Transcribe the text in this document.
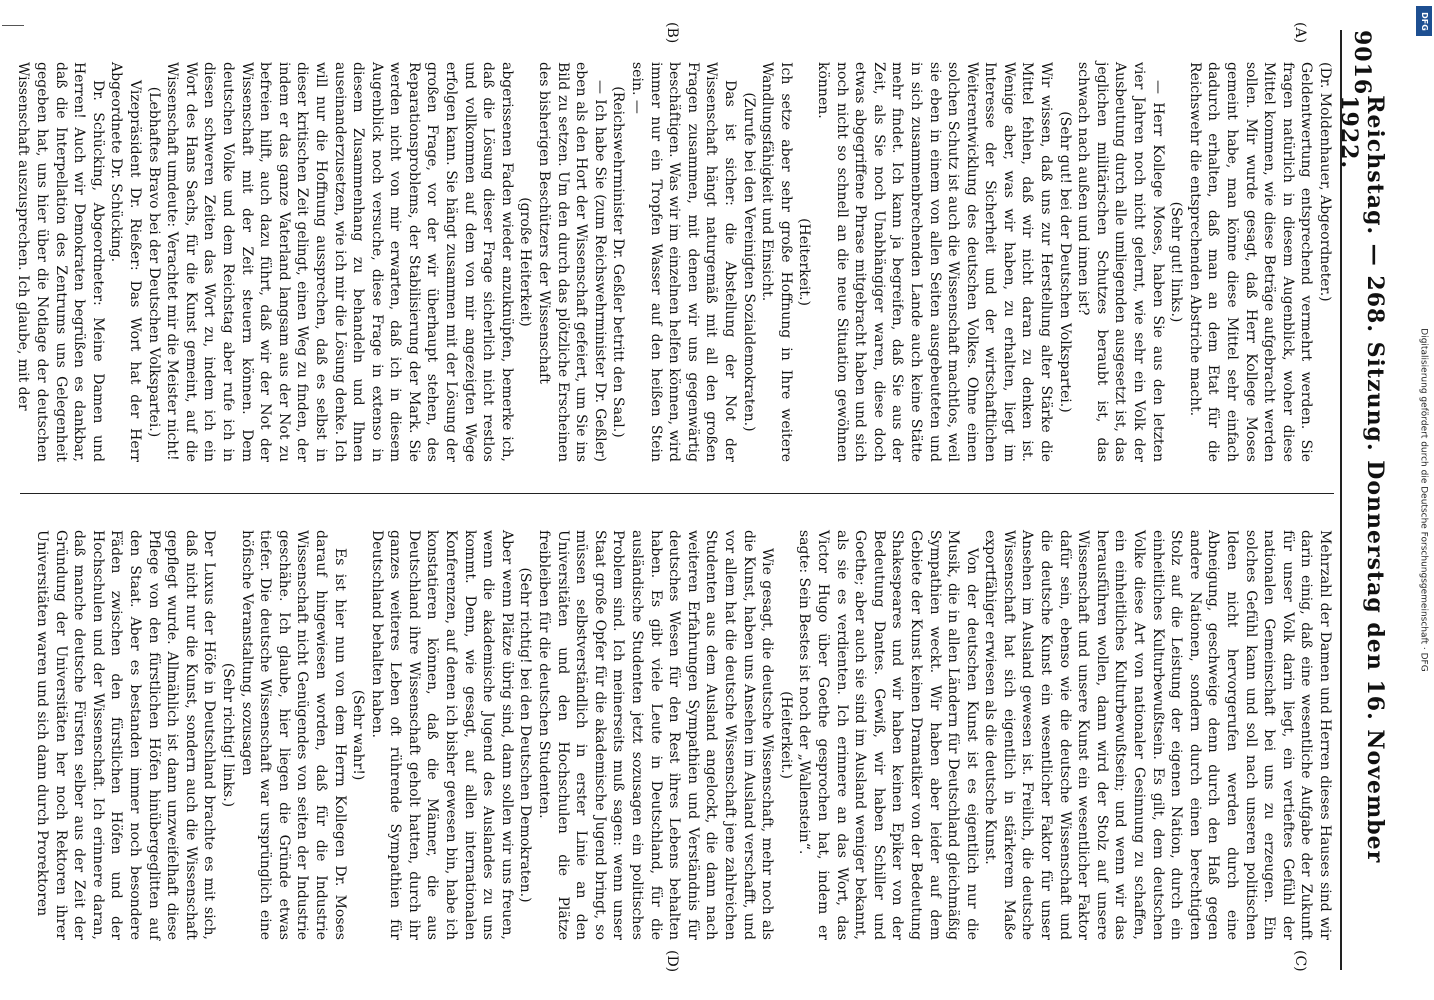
9016
Reichstag. — 268. Sitzung. Donnerstag den 16. November 1922.
(A)
(B)
(C)
(D)

(Dr. Moldenhauer, Abgeordneter.)

Geldentwertung entsprechend vermehrt werden. Sie fragen natürlich in diesem Augenblick, woher diese Mittel kommen, wie diese Beträge aufgebracht werden sollen. Mir wurde gesagt, daß Herr Kollege Moses gemeint habe, man könne diese Mittel sehr einfach dadurch erhalten, daß man an dem Etat für die Reichswehr die entsprechenden Abstriche macht.

(Sehr gut! links.)

— Herr Kollege Moses, haben Sie aus den letzten vier Jahren noch nicht gelernt, wie sehr ein Volk der Ausbeutung durch alle umliegenden ausgesetzt ist, das jeglichen militärischen Schutzes beraubt ist, das schwach nach außen und innen ist?

(Sehr gut! bei der Deutschen Volkspartei.)

Wir wissen, daß uns zur Herstellung alter Stärke die Mittel fehlen, daß wir nicht daran zu denken ist. Wenige aber, was wir haben, zu erhalten, liegt im Interesse der Sicherheit und der wirtschaftlichen Weiterentwicklung des deutschen Volkes. Ohne einen solchen Schutz ist auch die Wissenschaft machtlos, weil sie eben in einem von allen Seiten ausgebeuteten und in sich zusammenbrechenden Lande auch keine Stätte mehr findet. Ich kann ja begreifen, daß Sie aus der Zeit, als Sie noch Unabhängiger waren, diese doch etwas abgegriffene Phrase mitgebracht haben und sich noch nicht so schnell an die neue Situation gewöhnen können.

(Heiterkeit.)

Ich setze aber sehr große Hoffnung in Ihre weitere Wandlungsfähigkeit und Einsicht.

(Zurufe bei den Vereinigten Sozialdemokraten.)

Das ist sicher: die Abstellung der Not der Wissenschaft hängt naturgemäß mit all den großen Fragen zusammen, mit denen wir uns gegenwärtig beschäftigen. Was wir im einzelnen helfen können, wird immer nur ein Tropfen Wasser auf den heißen Stein sein. —

(Reichswehrminister Dr. Geßler betritt den Saal.)

— Ich habe Sie (zum Reichswehrminister Dr. Geßler) eben als den Hort der Wissenschaft gefeiert, um Sie ins Bild zu setzen. Um den durch das plötzliche Erscheinen des bisherigen Beschützers der Wissenschaft

(große Heiterkeit)

abgerissenen Faden wieder anzuknüpfen, bemerke ich, daß die Lösung dieser Frage sicherlich nicht restlos und vollkommen auf dem von mir angezeigten Wege erfolgen kann. Sie hängt zusammen mit der Lösung der großen Frage, vor der wir überhaupt stehen, des Reparationsproblems, der Stabilisierung der Mark. Sie werden nicht von mir erwarten, daß ich in diesem Augenblick noch versuche, diese Frage in extenso in diesem Zusammenhang zu behandeln und Ihnen auseinanderzusetzen, wie ich mir die Lösung denke. Ich will nur die Hoffnung aussprechen, daß es selbst in dieser kritischen Zeit gelingt, einen Weg zu finden, der indem er das ganze Vaterland langsam aus der Not zu befreien hilft, auch dazu führt, daß wir der Not der Wissenschaft mit der Zeit steuern können. Dem deutschen Volke und dem Reichstag aber rufe ich in diesen schweren Zeiten das Wort zu, indem ich ein Wort des Hans Sachs, für die Kunst gemeint, auf die Wissenschaft umdeute: Verachtet mir die Meister nicht!

(Lebhaftes Bravo bei der Deutschen Volkspartei.)

Vizepräsident Dr. Rießer: Das Wort hat der Herr Abgeordnete Dr. Schücking.

Dr. Schücking, Abgeordneter: Meine Damen und Herren! Auch wir Demokraten begrüßen es dankbar, daß die Interpellation des Zentrums uns Gelegenheit gegeben hat, uns hier über die Notlage der deutschen Wissenschaft auszusprechen. Ich glaube, mit der

Mehrzahl der Damen und Herren dieses Hauses sind wir darin einig, daß eine wesentliche Aufgabe der Zukunft für unser Volk darin liegt, ein vertieftes Gefühl der nationalen Gemeinschaft bei uns zu erzeugen. Ein solches Gefühl kann und soll nach unseren politischen Ideen nicht hervorgerufen werden durch eine Abneigung, geschweige denn durch den Haß gegen andere Nationen, sondern durch einen berechtigten Stolz auf die Leistung der eigenen Nation, durch ein einheitliches Kulturbewußtsein. Es gilt, dem deutschen Volke diese Art von nationaler Gesinnung zu schaffen, ein einheitliches Kulturbewußtsein; und wenn wir das herausführen wollen, dann wird der Stolz auf unsere Wissenschaft und unsere Kunst ein wesentlicher Faktor dafür sein, ebenso wie die deutsche Wissenschaft und die deutsche Kunst ein wesentlicher Faktor für unser Ansehen im Ausland gewesen ist. Freilich, die deutsche Wissenschaft hat sich eigentlich in stärkerem Maße exportfähiger erwiesen als die deutsche Kunst.

Von der deutschen Kunst ist es eigentlich nur die Musik, die in allen Ländern für Deutschland gleichmäßig Sympathien weckt. Wir haben aber leider auf dem Gebiete der Kunst keinen Dramatiker von der Bedeutung Shakespeares und wir haben keinen Epiker von der Bedeutung Dantes. Gewiß, wir haben Schiller und Goethe; aber auch sie sind im Ausland weniger bekannt, als sie es verdienten. Ich erinnere an das Wort, das Victor Hugo über Goethe gesprochen hat, indem er sagte: Sein Bestes ist noch der „Wallenstein“.

(Heiterkeit.)

Wie gesagt, die deutsche Wissenschaft, mehr noch als die Kunst, haben uns Ansehen im Ausland verschafft, und vor allem hat die deutsche Wissenschaft jene zahlreichen Studenten aus dem Ausland angelockt, die dann nach weiteren Erfahrungen Sympathien und Verständnis für deutsches Wesen für den Rest ihres Lebens behalten haben. Es gibt viele Leute in Deutschland, für die ausländische Studenten jetzt sozusagen ein politisches Problem sind. Ich meinerseits muß sagen: wenn unser Staat große Opfer für die akademische Jugend bringt, so müssen selbstverständlich in erster Linie an den Universitäten und den Hochschulen die Plätze freibleiben für die deutschen Studenten.

(Sehr richtig! bei den Deutschen Demokraten.)

Aber wenn Plätze übrig sind, dann sollen wir uns freuen, wenn die akademische Jugend des Auslandes zu uns kommt. Denn, wie gesagt, auf allen internationalen Konferenzen, auf denen ich bisher gewesen bin, habe ich konstatieren können, daß die Männer, die aus Deutschland ihre Wissenschaft geholt hatten, durch ihr ganzes weiteres Leben oft rührende Sympathien für Deutschland behalten haben.

(Sehr wahr!)

Es ist hier nun von dem Herrn Kollegen Dr. Moses darauf hingewiesen worden, daß für die Industrie Wissenschaft nicht Genügendes von seiten der Industrie geschähe. Ich glaube, hier liegen die Gründe etwas tiefer. Die deutsche Wissenschaft war ursprünglich eine höfische Veranstaltung, sozusagen

(Sehr richtig! links.)

Der Luxus der Höfe in Deutschland brachte es mit sich, daß nicht nur die Kunst, sondern auch die Wissenschaft gepflegt wurde. Allmählich ist dann unzweifelhaft diese Pflege von den fürstlichen Höfen hinübergeglitten auf den Staat. Aber es bestanden immer noch besondere Fäden zwischen den fürstlichen Höfen und der Hochschulen und der Wissenschaft. Ich erinnere daran, daß manche deutsche Fürsten selber aus der Zeit der Gründung der Universitäten her noch Rektoren ihrer Universitäten waren und sich dann durch Prorektoren

DFG
Digitalisierung gefördert durch die Deutsche Forschungsgemeinschaft · DFG
